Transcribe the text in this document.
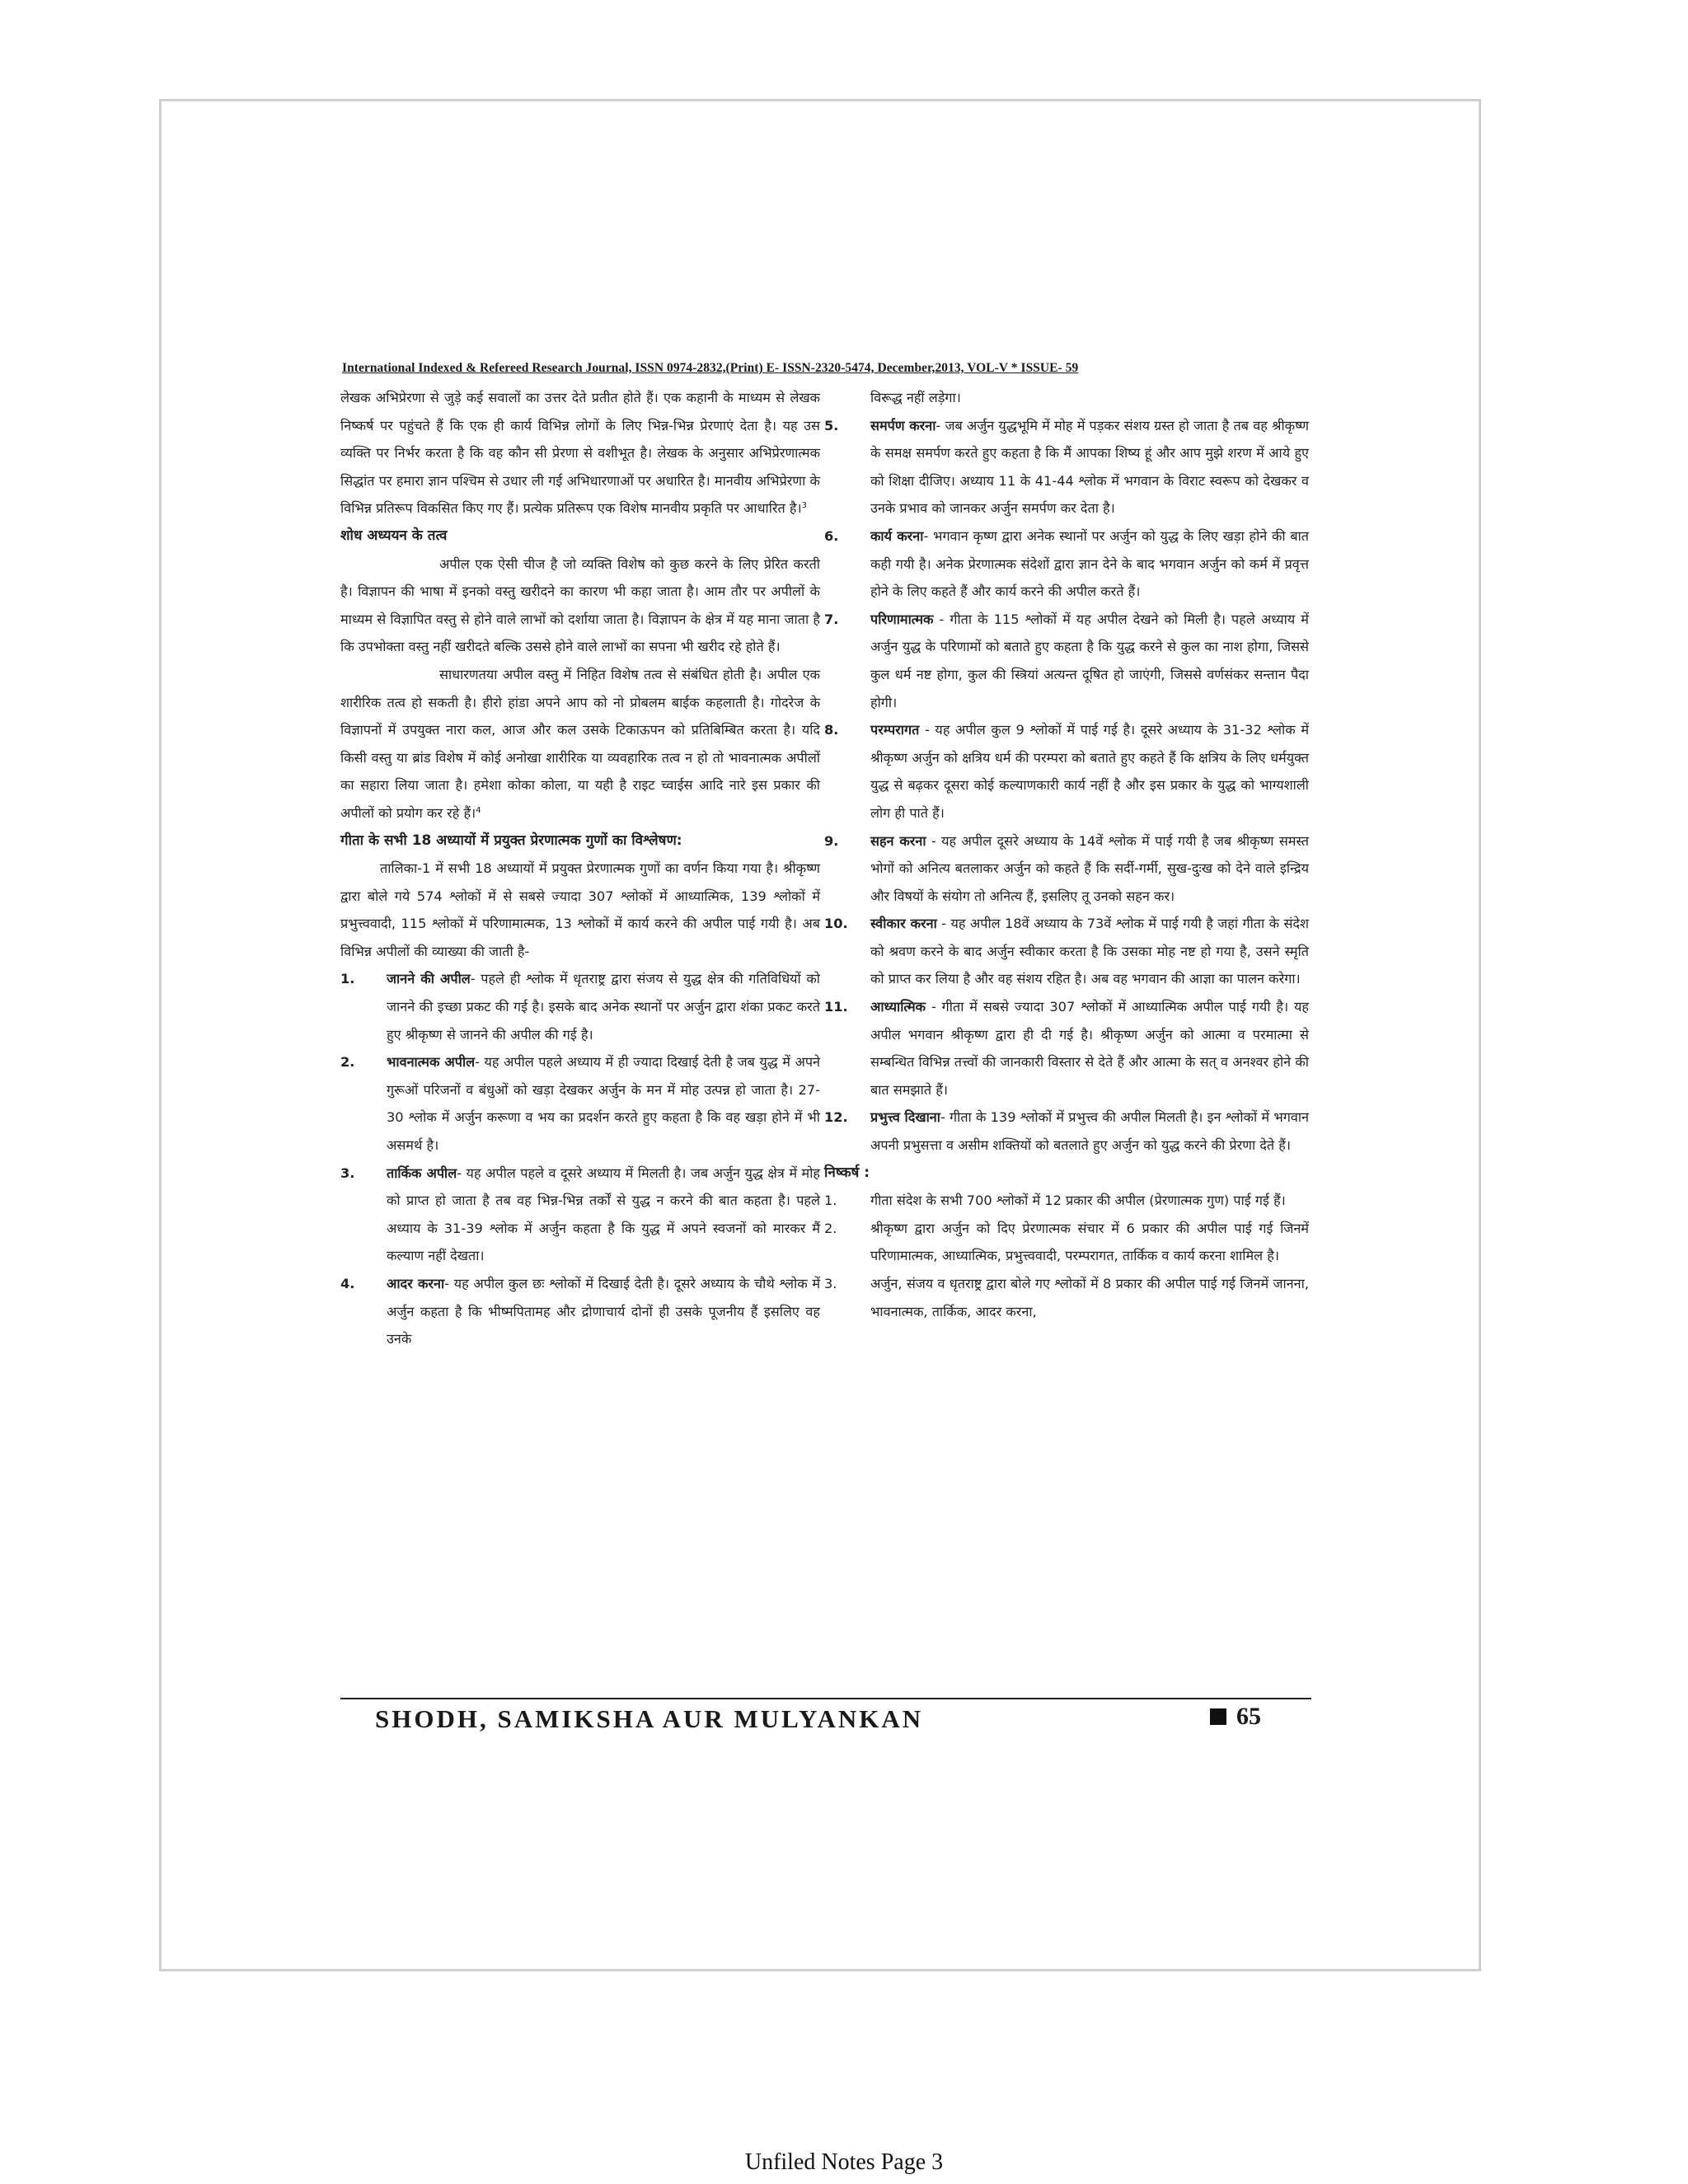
International Indexed & Refereed Research Journal, ISSN 0974-2832,(Print) E- ISSN-2320-5474, December,2013, VOL-V * ISSUE- 59

लेखक अभिप्रेरणा से जुड़े कई सवालों का उत्तर देते प्रतीत होते हैं। एक कहानी के माध्यम से लेखक निष्कर्ष पर पहुंचते हैं कि एक ही कार्य विभिन्न लोगों के लिए भिन्न-भिन्न प्रेरणाएं देता है। यह उस व्यक्ति पर निर्भर करता है कि वह कौन सी प्रेरणा से वशीभूत है। लेखक के अनुसार अभिप्रेरणात्मक सिद्धांत पर हमारा ज्ञान पश्चिम से उधार ली गई अभिधारणाओं पर अधारित है। मानवीय अभिप्रेरणा के विभिन्न प्रतिरूप विकसित किए गए हैं। प्रत्येक प्रतिरूप एक विशेष मानवीय प्रकृति पर आधारित है।$^3$

शोध अध्ययन के तत्व

अपील एक ऐसी चीज है जो व्यक्ति विशेष को कुछ करने के लिए प्रेरित करती है। विज्ञापन की भाषा में इनको वस्तु खरीदने का कारण भी कहा जाता है। आम तौर पर अपीलों के माध्यम से विज्ञापित वस्तु से होने वाले लाभों को दर्शाया जाता है। विज्ञापन के क्षेत्र में यह माना जाता है कि उपभोक्ता वस्तु नहीं खरीदते बल्कि उससे होने वाले लाभों का सपना भी खरीद रहे होते हैं।

साधारणतया अपील वस्तु में निहित विशेष तत्व से संबंधित होती है। अपील एक शारीरिक तत्व हो सकती है। हीरो हांडा अपने आप को नो प्रोबलम बाईक कहलाती है। गोदरेज के विज्ञापनों में उपयुक्त नारा कल, आज और कल उसके टिकाऊपन को प्रतिबिम्बित करता है। यदि किसी वस्तु या ब्रांड विशेष में कोई अनोखा शारीरिक या व्यवहारिक तत्व न हो तो भावनात्मक अपीलों का सहारा लिया जाता है। हमेशा कोका कोला, या यही है राइट च्वाईस आदि नारे इस प्रकार की अपीलों को प्रयोग कर रहे हैं।$^4$

गीता के सभी 18 अध्यायों में प्रयुक्त प्रेरणात्मक गुणों का विश्लेषण:

तालिका-1 में सभी 18 अध्यायों में प्रयुक्त प्रेरणात्मक गुणों का वर्णन किया गया है। श्रीकृष्ण द्वारा बोले गये 574 श्लोकों में से सबसे ज्यादा 307 श्लोकों में आध्यात्मिक, 139 श्लोकों में प्रभुत्त्ववादी, 115 श्लोकों में परिणामात्मक, 13 श्लोकों में कार्य करने की अपील पाई गयी है। अब विभिन्न अपीलों की व्याख्या की जाती है-

1.	जानने की अपील- पहले ही श्लोक में धृतराष्ट्र द्वारा संजय से युद्ध क्षेत्र की गतिविधियों को जानने की इच्छा प्रकट की गई है। इसके बाद अनेक स्थानों पर अर्जुन द्वारा शंका प्रकट करते हुए श्रीकृष्ण से जानने की अपील की गई है।
2.	भावनात्मक अपील- यह अपील पहले अध्याय में ही ज्यादा दिखाई देती है जब युद्ध में अपने गुरूओं परिजनों व बंधुओं को खड़ा देखकर अर्जुन के मन में मोह उत्पन्न हो जाता है। 27-30 श्लोक में अर्जुन करूणा व भय का प्रदर्शन करते हुए कहता है कि वह खड़ा होने में भी असमर्थ है।
3.	तार्किक अपील- यह अपील पहले व दूसरे अध्याय में मिलती है। जब अर्जुन युद्ध क्षेत्र में मोह को प्राप्त हो जाता है तब वह भिन्न-भिन्न तर्कों से युद्ध न करने की बात कहता है। पहले अध्याय के 31-39 श्लोक में अर्जुन कहता है कि युद्ध में अपने स्वजनों को मारकर मैं कल्याण नहीं देखता।
4.	आदर करना- यह अपील कुल छः श्लोकों में दिखाई देती है। दूसरे अध्याय के चौथे श्लोक में अर्जुन कहता है कि भीष्मपितामह और द्रोणाचार्य दोनों ही उसके पूजनीय हैं इसलिए वह उनके

विरूद्ध नहीं लड़ेगा।

5.	समर्पण करना- जब अर्जुन युद्धभूमि में मोह में पड़कर संशय ग्रस्त हो जाता है तब वह श्रीकृष्ण के समक्ष समर्पण करते हुए कहता है कि मैं आपका शिष्य हूं और आप मुझे शरण में आये हुए को शिक्षा दीजिए। अध्याय 11 के 41-44 श्लोक में भगवान के विराट स्वरूप को देखकर व उनके प्रभाव को जानकर अर्जुन समर्पण कर देता है।
6.	कार्य करना- भगवान कृष्ण द्वारा अनेक स्थानों पर अर्जुन को युद्ध के लिए खड़ा होने की बात कही गयी है। अनेक प्रेरणात्मक संदेशों द्वारा ज्ञान देने के बाद भगवान अर्जुन को कर्म में प्रवृत्त होने के लिए कहते हैं और कार्य करने की अपील करते हैं।
7.	परिणामात्मक - गीता के 115 श्लोकों में यह अपील देखने को मिली है। पहले अध्याय में अर्जुन युद्ध के परिणामों को बताते हुए कहता है कि युद्ध करने से कुल का नाश होगा, जिससे कुल धर्म नष्ट होगा, कुल की स्त्रियां अत्यन्त दूषित हो जाएंगी, जिससे वर्णसंकर सन्तान पैदा होगी।
8.	परम्परागत - यह अपील कुल 9 श्लोकों में पाई गई है। दूसरे अध्याय के 31-32 श्लोक में श्रीकृष्ण अर्जुन को क्षत्रिय धर्म की परम्परा को बताते हुए कहते हैं कि क्षत्रिय के लिए धर्मयुक्त युद्ध से बढ़कर दूसरा कोई कल्याणकारी कार्य नहीं है और इस प्रकार के युद्ध को भाग्यशाली लोग ही पाते हैं।
9.	सहन करना - यह अपील दूसरे अध्याय के 14वें श्लोक में पाई गयी है जब श्रीकृष्ण समस्त भोगों को अनित्य बतलाकर अर्जुन को कहते हैं कि सर्दी-गर्मी, सुख-दुःख को देने वाले इन्द्रिय और विषयों के संयोग तो अनित्य हैं, इसलिए तू उनको सहन कर।
10.	स्वीकार करना - यह अपील 18वें अध्याय के 73वें श्लोक में पाई गयी है जहां गीता के संदेश को श्रवण करने के बाद अर्जुन स्वीकार करता है कि उसका मोह नष्ट हो गया है, उसने स्मृति को प्राप्त कर लिया है और वह संशय रहित है। अब वह भगवान की आज्ञा का पालन करेगा।
11.	आध्यात्मिक - गीता में सबसे ज्यादा 307 श्लोकों में आध्यात्मिक अपील पाई गयी है। यह अपील भगवान श्रीकृष्ण द्वारा ही दी गई है। श्रीकृष्ण अर्जुन को आत्मा व परमात्मा से सम्बन्धित विभिन्न तत्त्वों की जानकारी विस्तार से देते हैं और आत्मा के सत् व अनश्वर होने की बात समझाते हैं।
12.	प्रभुत्त्व दिखाना- गीता के 139 श्लोकों में प्रभुत्त्व की अपील मिलती है। इन श्लोकों में भगवान अपनी प्रभुसत्ता व असीम शक्तियों को बतलाते हुए अर्जुन को युद्ध करने की प्रेरणा देते हैं।

निष्कर्ष :

1.	गीता संदेश के सभी 700 श्लोकों में 12 प्रकार की अपील (प्रेरणात्मक गुण) पाई गई हैं।
2.	श्रीकृष्ण द्वारा अर्जुन को दिए प्रेरणात्मक संचार में 6 प्रकार की अपील पाई गई जिनमें परिणामात्मक, आध्यात्मिक, प्रभुत्त्ववादी, परम्परागत, तार्किक व कार्य करना शामिल है।
3.	अर्जुन, संजय व धृतराष्ट्र द्वारा बोले गए श्लोकों में 8 प्रकार की अपील पाई गई जिनमें जानना, भावनात्मक, तार्किक, आदर करना,
SHODH, SAMIKSHA AUR MULYANKAN	65
Unfiled Notes Page 3
